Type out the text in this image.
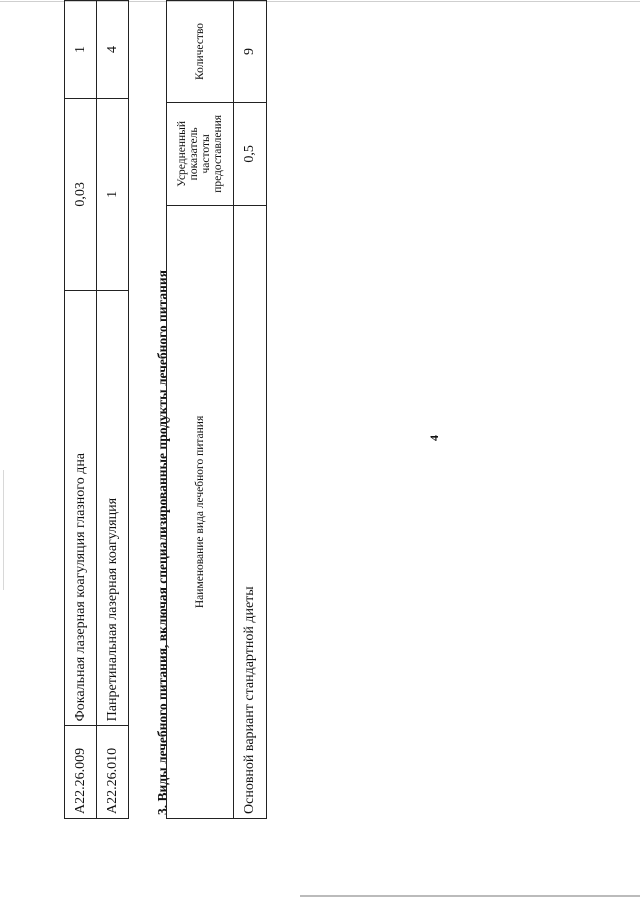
4
A22.26.009	Фокальная лазерная коагуляция глазного дна	0,03	1
A22.26.010	Панретинальная лазерная коагуляция	1	4
3. Виды лечебного питания, включая специализированные продукты лечебного питания Наименование вида лечебного питания	Усредненный показатель частоты предоставления	Количество
Основной вариант стандартной диеты	0,5	9
